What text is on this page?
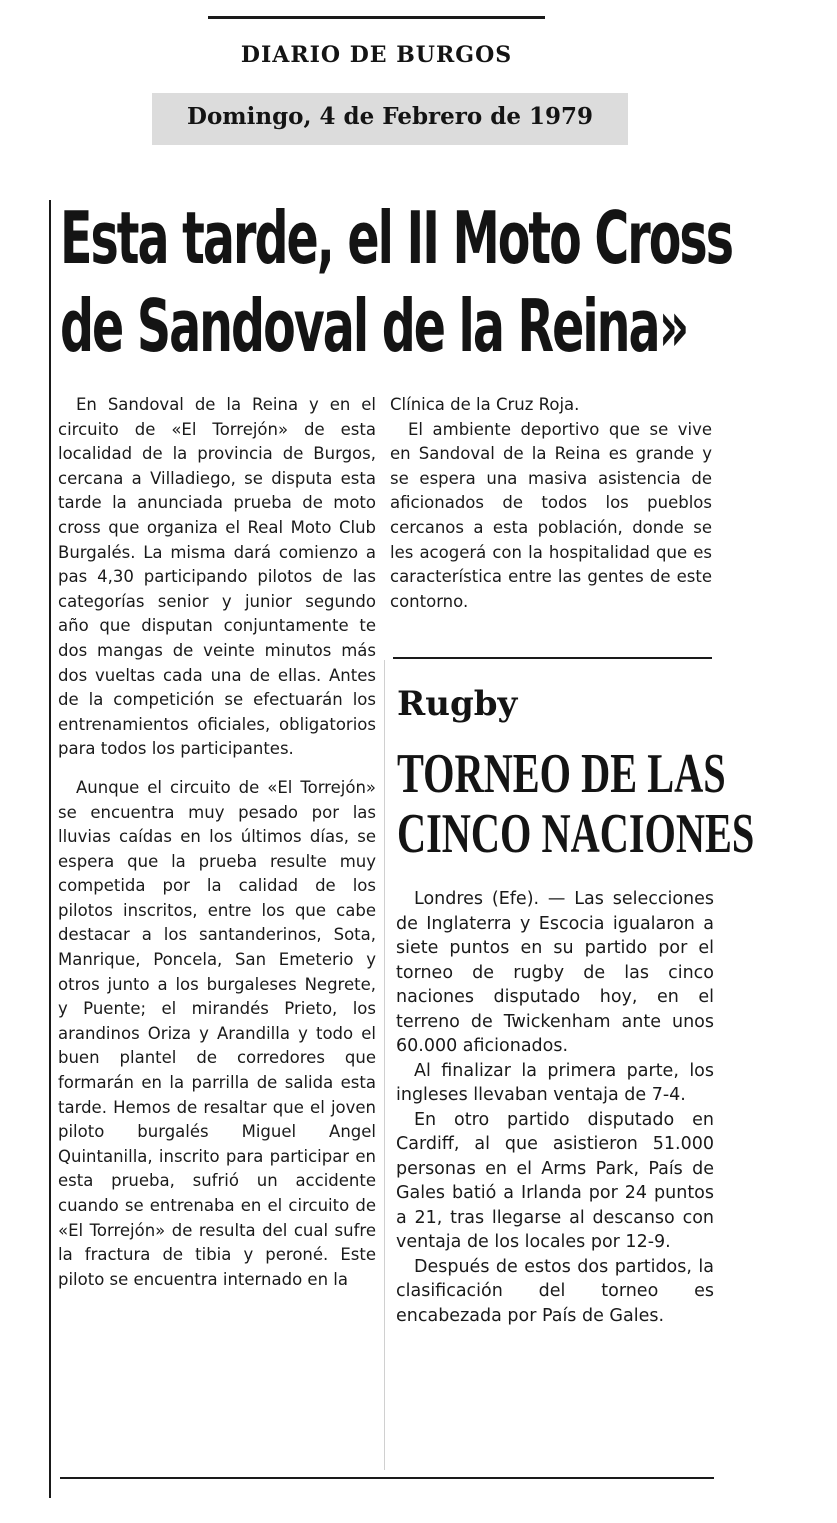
DIARIO DE BURGOS
Domingo, 4 de Febrero de 1979
Esta tarde, el II Moto Cross
de Sandoval de la Reina»

En Sandoval de la Reina y en el circuito de «El Torrejón» de esta localidad de la provincia de Burgos, cercana a Villadiego, se disputa esta tarde la anunciada prueba de moto cross que organiza el Real Moto Club Burgalés. La misma dará comienzo a pas 4,30 participando pilotos de las categorías senior y junior segundo año que disputan conjuntamente te dos mangas de veinte minutos más dos vueltas cada una de ellas. Antes de la competición se efectuarán los entrenamientos oficiales, obligatorios para todos los participantes.

Aunque el circuito de «El Torrejón» se encuentra muy pesado por las lluvias caídas en los últimos días, se espera que la prueba resulte muy competida por la calidad de los pilotos inscritos, entre los que cabe destacar a los santanderinos, Sota, Manrique, Poncela, San Emeterio y otros junto a los burgaleses Negrete, y Puente; el mirandés Prieto, los arandinos Oriza y Arandilla y todo el buen plantel de corredores que formarán en la parrilla de salida esta tarde. Hemos de resaltar que el joven piloto burgalés Miguel Angel Quintanilla, inscrito para participar en esta prueba, sufrió un accidente cuando se entrenaba en el circuito de «El Torrejón» de resulta del cual sufre la fractura de tibia y peroné. Este piloto se encuentra internado en la

Clínica de la Cruz Roja.

El ambiente deportivo que se vive en Sandoval de la Reina es grande y se espera una masiva asistencia de aficionados de todos los pueblos cercanos a esta población, donde se les acogerá con la hospitalidad que es característica entre las gentes de este contorno.

Rugby
TORNEO DE LAS
CINCO NACIONES

Londres (Efe). — Las selecciones de Inglaterra y Escocia igualaron a siete puntos en su partido por el torneo de rugby de las cinco naciones disputado hoy, en el terreno de Twickenham ante unos 60.000 aficionados.

Al finalizar la primera parte, los ingleses llevaban ventaja de 7-4.

En otro partido disputado en Cardiff, al que asistieron 51.000 personas en el Arms Park, País de Gales batió a Irlanda por 24 puntos a 21, tras llegarse al descanso con ventaja de los locales por 12-9.

Después de estos dos partidos, la clasificación del torneo es encabezada por País de Gales.
